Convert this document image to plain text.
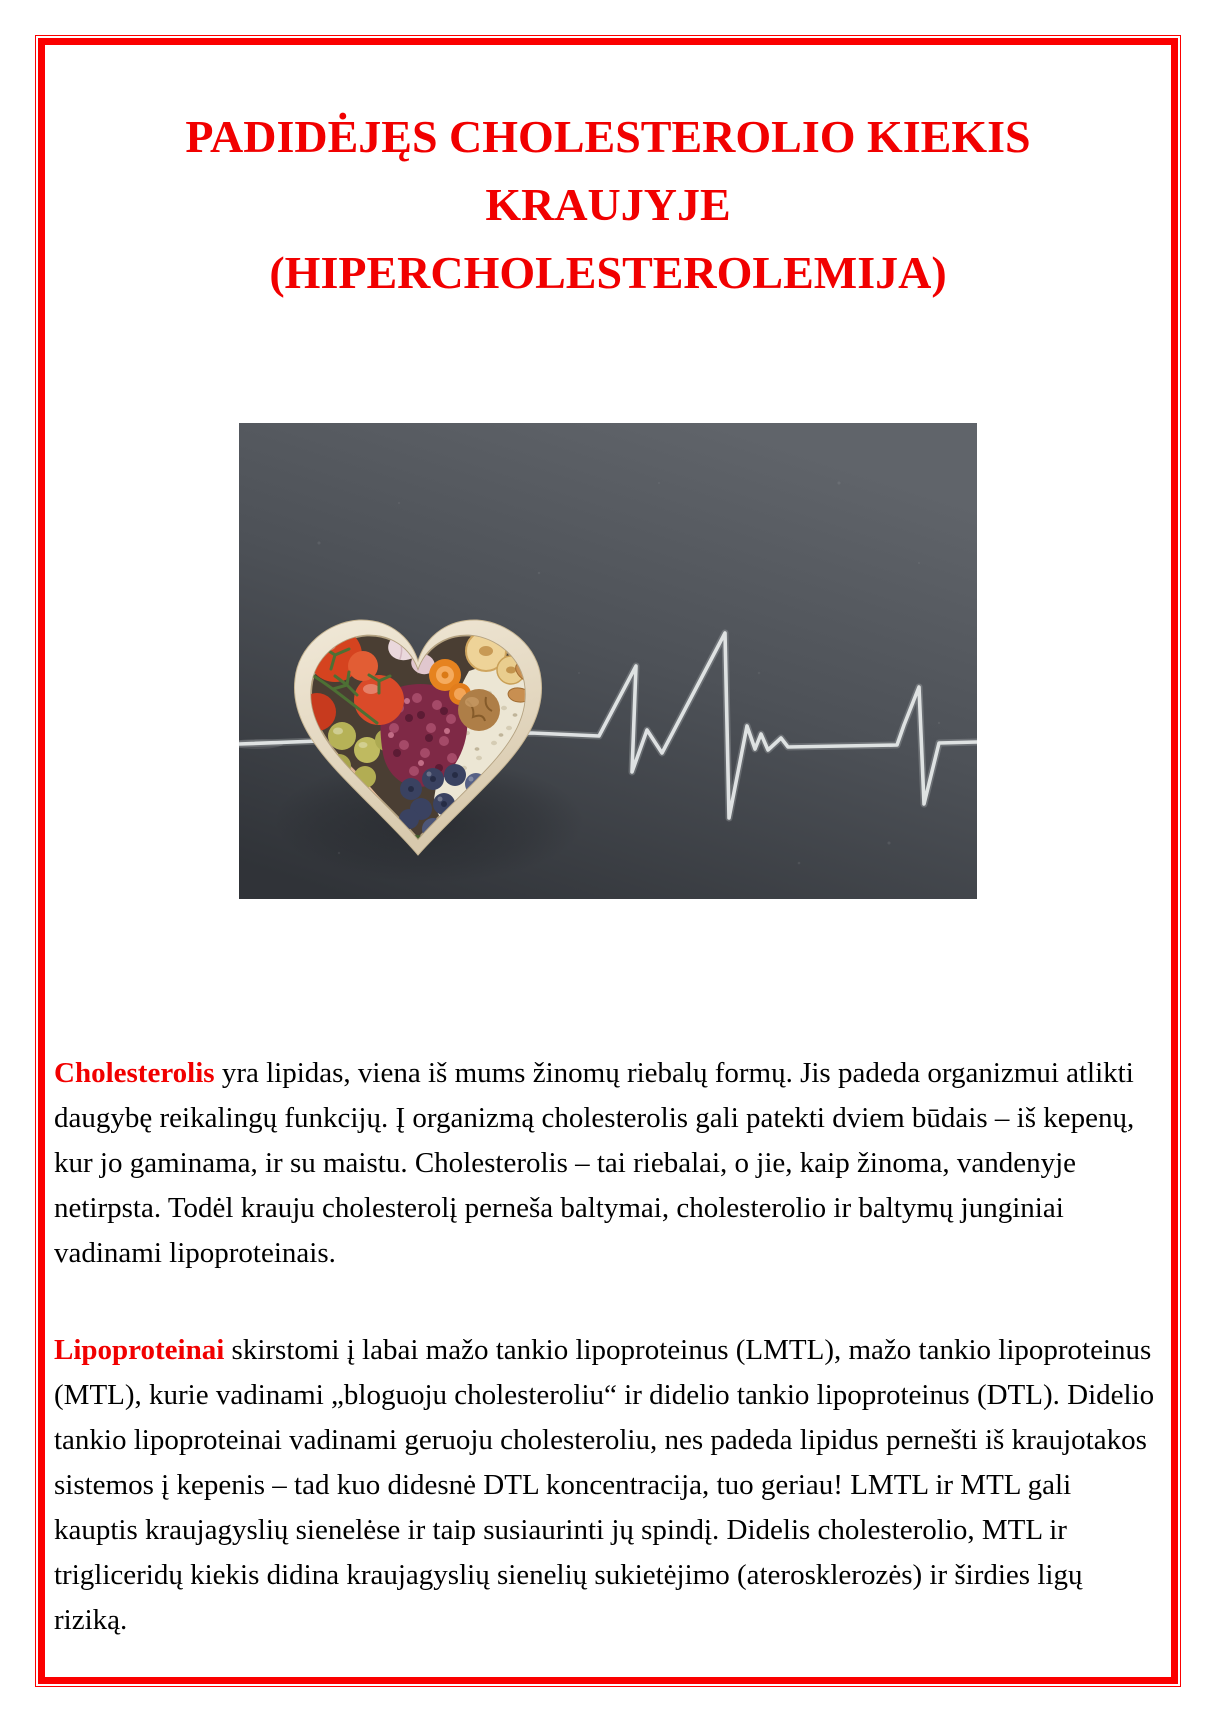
PADIDĖJĘS CHOLESTEROLIO KIEKIS
KRAUJYJE
(HIPERCHOLESTEROLEMIJA)

Cholesterolis yra lipidas, viena iš mums žinomų riebalų formų. Jis padeda organizmui atlikti daugybę reikalingų funkcijų. Į organizmą cholesterolis gali patekti dviem būdais – iš kepenų, kur jo gaminama, ir su maistu. Cholesterolis – tai riebalai, o jie, kaip žinoma, vandenyje netirpsta. Todėl krauju cholesterolį perneša baltymai, cholesterolio ir baltymų junginiai vadinami lipoproteinais.

Lipoproteinai skirstomi į labai mažo tankio lipoproteinus (LMTL), mažo tankio lipoproteinus (MTL), kurie vadinami „bloguoju cholesteroliu“ ir didelio tankio lipoproteinus (DTL). Didelio tankio lipoproteinai vadinami geruoju cholesteroliu, nes padeda lipidus pernešti iš kraujotakos sistemos į kepenis – tad kuo didesnė DTL koncentracija, tuo geriau! LMTL ir MTL gali kauptis kraujagyslių sienelėse ir taip susiaurinti jų spindį. Didelis cholesterolio, MTL ir trigliceridų kiekis didina kraujagyslių sienelių sukietėjimo (aterosklerozės) ir širdies ligų riziką.
